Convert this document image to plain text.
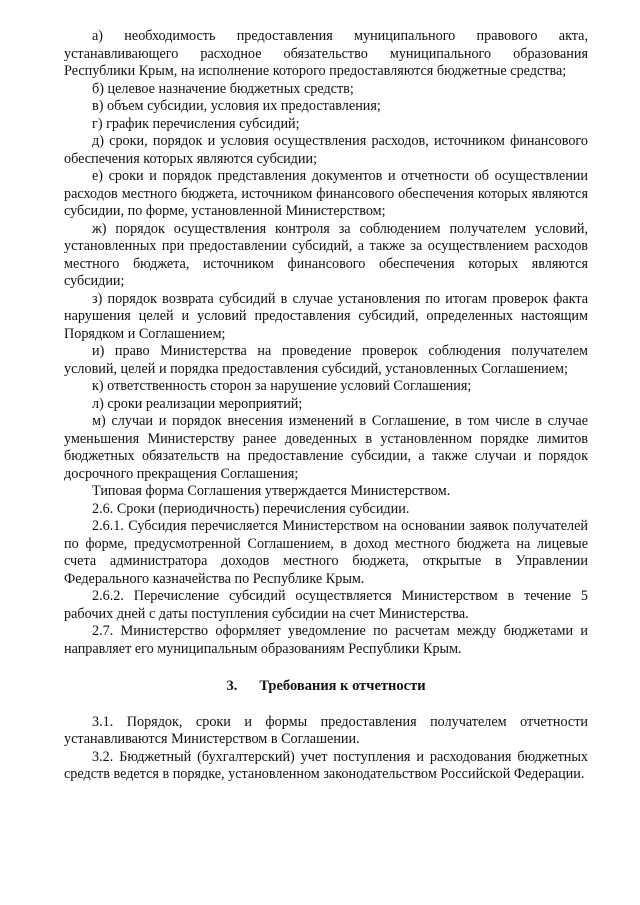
а) необходимость предоставления муниципального правового акта, устанавливающего расходное обязательство муниципального образования Республики Крым, на исполнение которого предоставляются бюджетные средства;

б) целевое назначение бюджетных средств;

в) объем субсидии, условия их предоставления;

г) график перечисления субсидий;

д) сроки, порядок и условия осуществления расходов, источником финансового обеспечения которых являются субсидии;

е) сроки и порядок представления документов и отчетности об осуществлении расходов местного бюджета, источником финансового обеспечения которых являются субсидии, по форме, установленной Министерством;

ж) порядок осуществления контроля за соблюдением получателем условий, установленных при предоставлении субсидий, а также за осуществлением расходов местного бюджета, источником финансового обеспечения которых являются субсидии;

з) порядок возврата субсидий в случае установления по итогам проверок факта нарушения целей и условий предоставления субсидий, определенных настоящим Порядком и Соглашением;

и) право Министерства на проведение проверок соблюдения получателем условий, целей и порядка предоставления субсидий, установленных Соглашением;

к) ответственность сторон за нарушение условий Соглашения;

л) сроки реализации мероприятий;

м) случаи и порядок внесения изменений в Соглашение, в том числе в случае уменьшения Министерству ранее доведенных в установленном порядке лимитов бюджетных обязательств на предоставление субсидии, а также случаи и порядок досрочного прекращения Соглашения;

Типовая форма Соглашения утверждается Министерством.

2.6. Сроки (периодичность) перечисления субсидии.

2.6.1. Субсидия перечисляется Министерством на основании заявок получателей по форме, предусмотренной Соглашением, в доход местного бюджета на лицевые счета администратора доходов местного бюджета, открытые в Управлении Федерального казначейства по Республике Крым.

2.6.2. Перечисление субсидий осуществляется Министерством в течение 5 рабочих дней с даты поступления субсидии на счет Министерства.

2.7. Министерство оформляет уведомление по расчетам между бюджетами и направляет его муниципальным образованиям Республики Крым.

3. Требования к отчетности

3.1. Порядок, сроки и формы предоставления получателем отчетности устанавливаются Министерством в Соглашении.

3.2. Бюджетный (бухгалтерский) учет поступления и расходования бюджетных средств ведется в порядке, установленном законодательством Российской Федерации.
